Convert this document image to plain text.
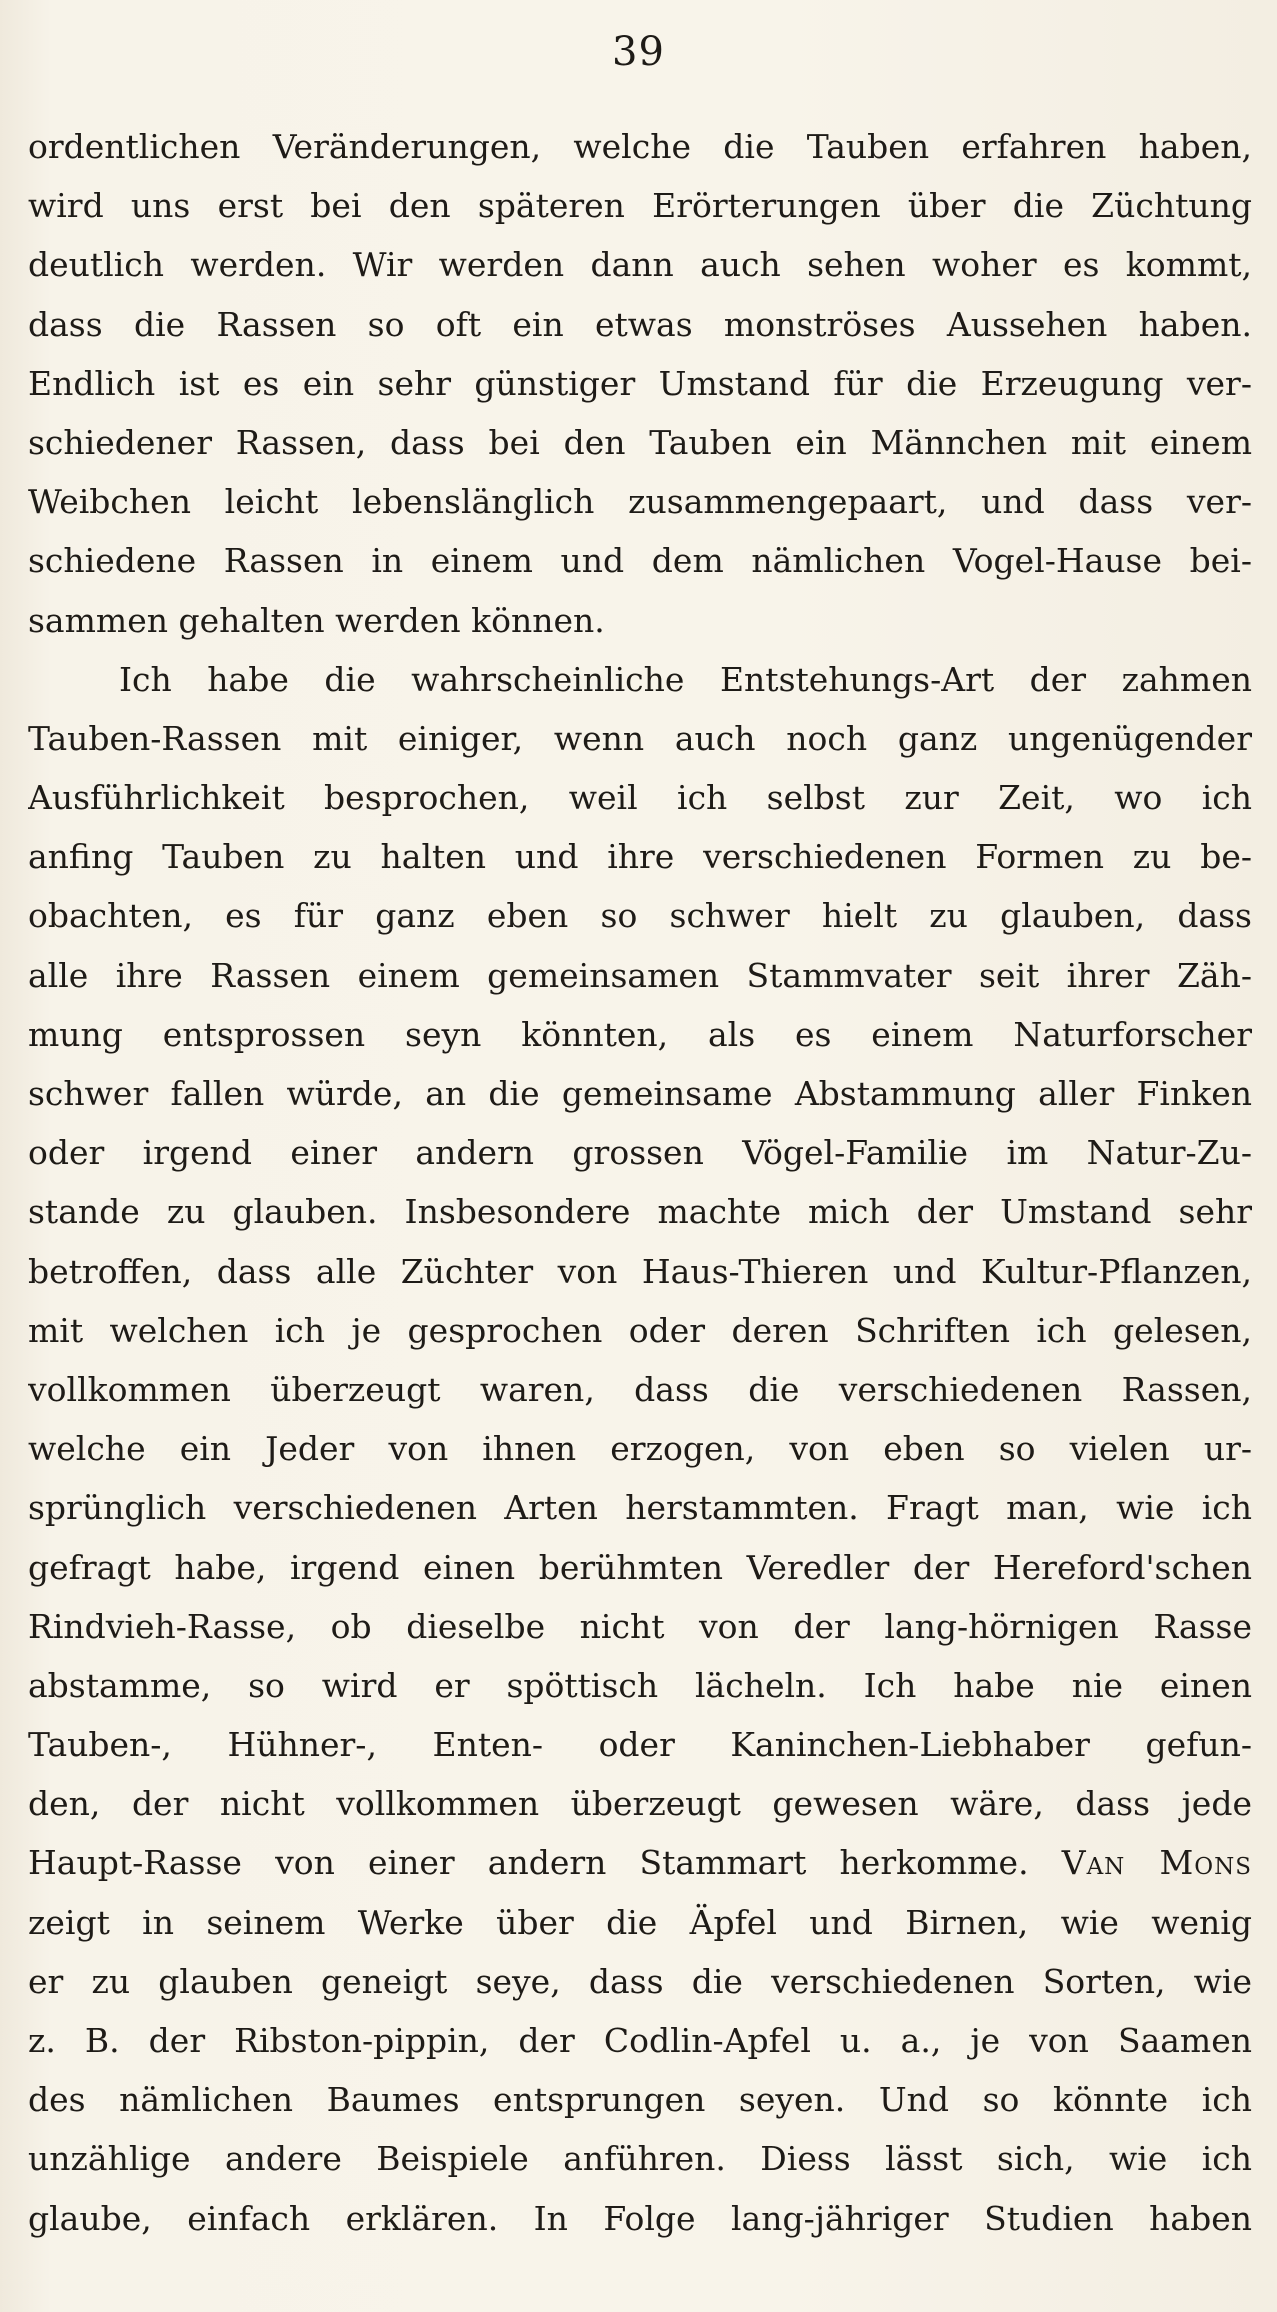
39
ordentlichen Veränderungen, welche die Tauben erfahren haben,
wird uns erst bei den späteren Erörterungen über die Züchtung
deutlich werden. Wir werden dann auch sehen woher es kommt,
dass die Rassen so oft ein etwas monströses Aussehen haben.
Endlich ist es ein sehr günstiger Umstand für die Erzeugung ver-
schiedener Rassen, dass bei den Tauben ein Männchen mit einem
Weibchen leicht lebenslänglich zusammengepaart, und dass ver-
schiedene Rassen in einem und dem nämlichen Vogel-Hause bei-
sammen gehalten werden können.
Ich habe die wahrscheinliche Entstehungs-Art der zahmen
Tauben-Rassen mit einiger, wenn auch noch ganz ungenügender
Ausführlichkeit besprochen, weil ich selbst zur Zeit, wo ich
anfing Tauben zu halten und ihre verschiedenen Formen zu be-
obachten, es für ganz eben so schwer hielt zu glauben, dass
alle ihre Rassen einem gemeinsamen Stammvater seit ihrer Zäh-
mung entsprossen seyn könnten, als es einem Naturforscher
schwer fallen würde, an die gemeinsame Abstammung aller Finken
oder irgend einer andern grossen Vögel-Familie im Natur-Zu-
stande zu glauben. Insbesondere machte mich der Umstand sehr
betroffen, dass alle Züchter von Haus-Thieren und Kultur-Pflanzen,
mit welchen ich je gesprochen oder deren Schriften ich gelesen,
vollkommen überzeugt waren, dass die verschiedenen Rassen,
welche ein Jeder von ihnen erzogen, von eben so vielen ur-
sprünglich verschiedenen Arten herstammten. Fragt man, wie ich
gefragt habe, irgend einen berühmten Veredler der Hereford'schen
Rindvieh-Rasse, ob dieselbe nicht von der lang-hörnigen Rasse
abstamme, so wird er spöttisch lächeln. Ich habe nie einen
Tauben-, Hühner-, Enten- oder Kaninchen-Liebhaber gefun-
den, der nicht vollkommen überzeugt gewesen wäre, dass jede
Haupt-Rasse von einer andern Stammart herkomme. Van Mons
zeigt in seinem Werke über die Äpfel und Birnen, wie wenig
er zu glauben geneigt seye, dass die verschiedenen Sorten, wie
z. B. der Ribston-pippin, der Codlin-Apfel u. a., je von Saamen
des nämlichen Baumes entsprungen seyen. Und so könnte ich
unzählige andere Beispiele anführen. Diess lässt sich, wie ich
glaube, einfach erklären. In Folge lang-jähriger Studien haben
